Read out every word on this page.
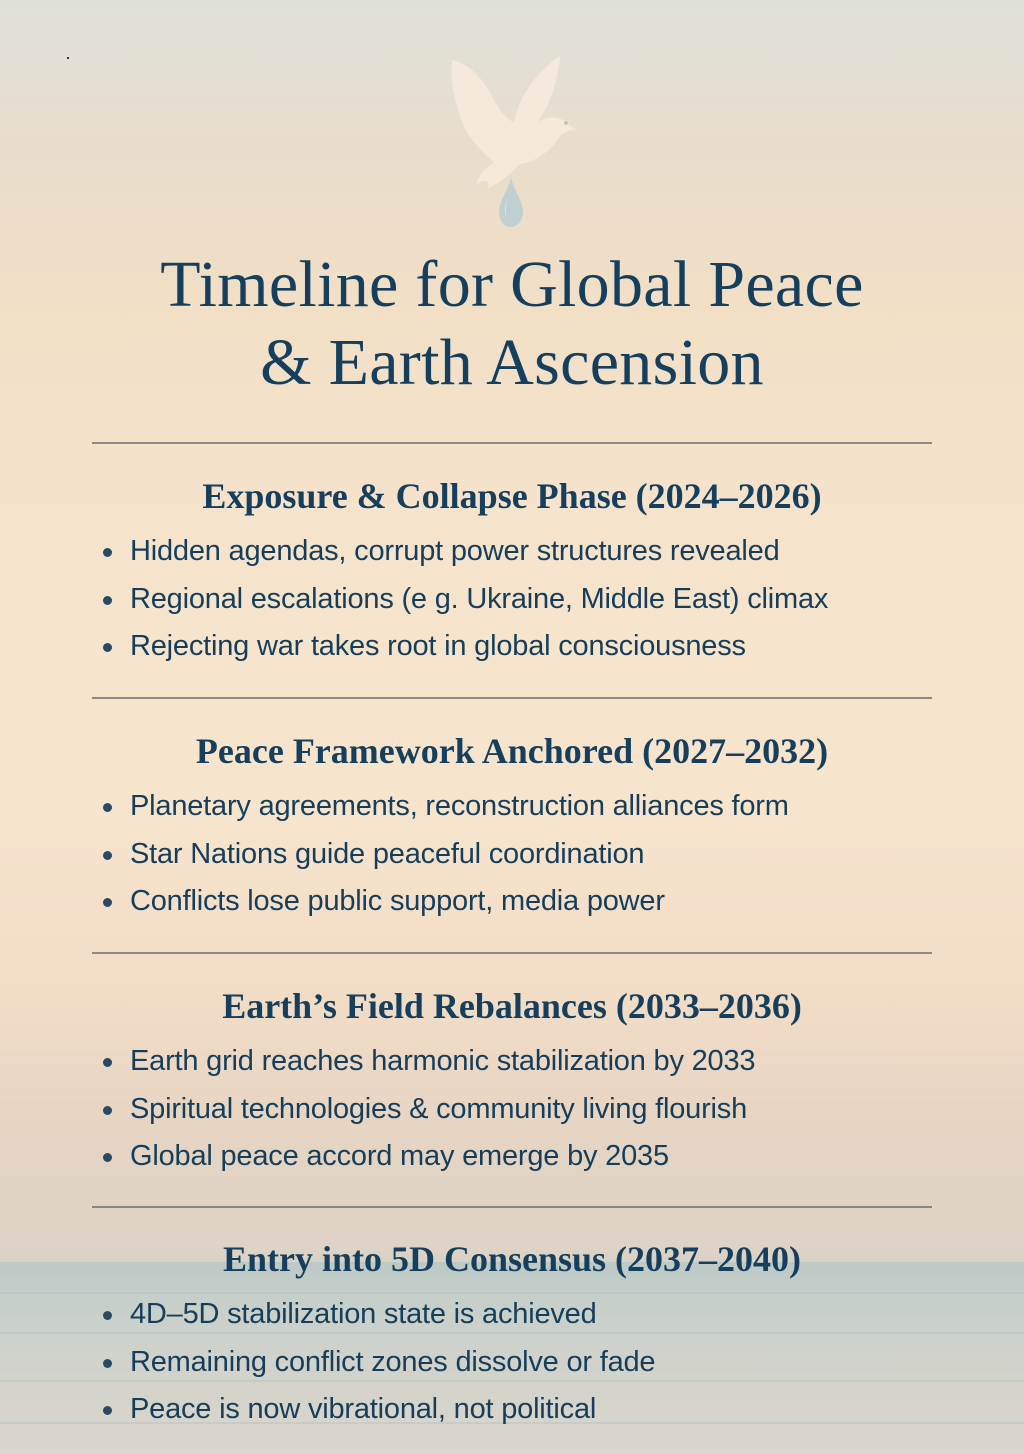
Timeline for Global Peace
& Earth Ascension
Exposure & Collapse Phase (2024–2026)
Hidden agendas, corrupt power structures revealed
Regional escalations (e g. Ukraine, Middle East) climax
Rejecting war takes root in global consciousness
Peace Framework Anchored (2027–2032)
Planetary agreements, reconstruction alliances form
Star Nations guide peaceful coordination
Conflicts lose public support, media power
Earth’s Field Rebalances (2033–2036)
Earth grid reaches harmonic stabilization by 2033
Spiritual technologies & community living flourish
Global peace accord may emerge by 2035
Entry into 5D Consensus (2037–2040)
4D–5D stabilization state is achieved
Remaining conflict zones dissolve or fade
Peace is now vibrational, not political
